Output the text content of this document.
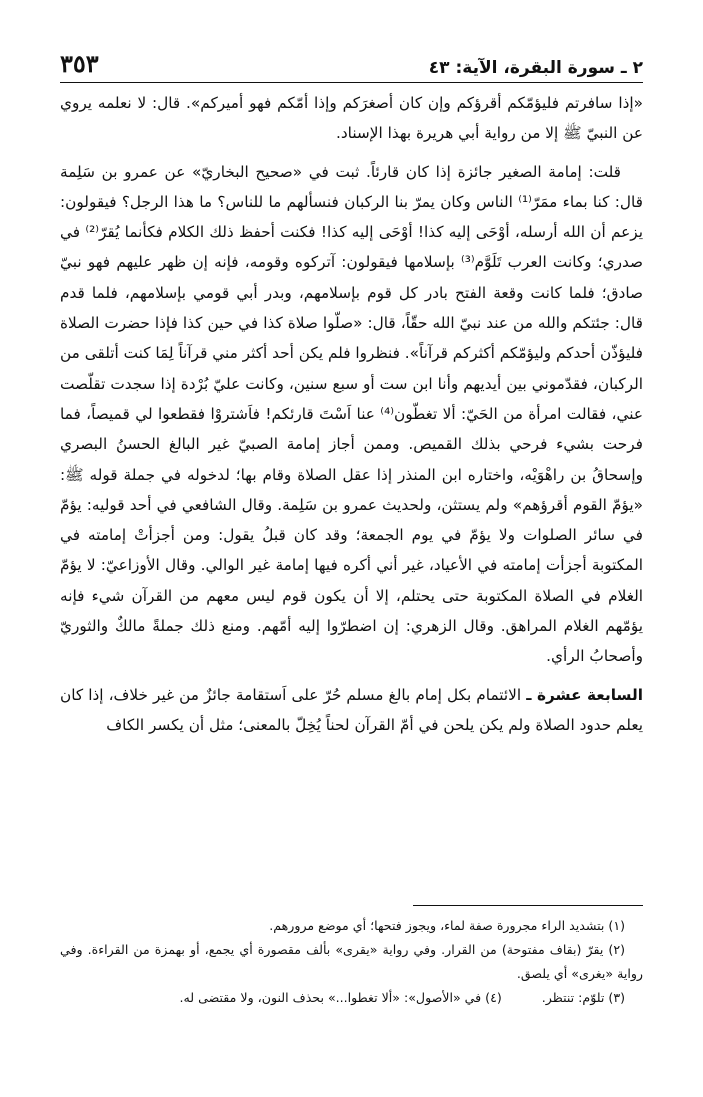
٢ ـ سورة البقرة، الآية: ٤٣
٣٥٣

«إذا سافرتم فليؤمّكم أقرؤكم وإن كان أصغرَكم وإذا أمّكم فهو أميركم». قال: لا نعلمه يروي عن النبيّ ﷺ إلا من رواية أبي هريرة بهذا الإسناد.

قلت: إمامة الصغير جائزة إذا كان قارئاً. ثبت في «صحيح البخاريّ» عن عمرو بن سَلِمة قال: كنا بماء ممَرّ⁽¹⁾ الناس وكان يمرّ بنا الركبان فنسألهم ما للناس؟ ما هذا الرجل؟ فيقولون: يزعم أن الله أرسله، أوْحَى إليه كذا! أوْحَى إليه كذا! فكنت أحفظ ذلك الكلام فكأنما يُقرّ⁽²⁾ في صدري؛ وكانت العرب تَلَوَّم⁽³⁾ بإسلامها فيقولون: آتركوه وقومه، فإنه إن ظهر عليهم فهو نبيّ صادق؛ فلما كانت وقعة الفتح بادر كل قوم بإسلامهم، وبدر أبي قومي بإسلامهم، فلما قدم قال: جئتكم والله من عند نبيّ الله حقّاً، قال: «صلّوا صلاة كذا في حين كذا فإذا حضرت الصلاة فليؤذّن أحدكم وليؤمّكم أكثركم قرآناً». فنظروا فلم يكن أحد أكثر مني قرآناً لِمَا كنت أتلقى من الركبان، فقدّموني بين أيديهم وأنا ابن ست أو سبع سنين، وكانت عليّ بُرْدة إذا سجدت تقلّصت عني، فقالت امرأة من الحَيّ: ألا تغطّون⁽⁴⁾ عنا اَسْتَ قارئكم! فاَشتروْا فقطعوا لي قميصاً، فما فرحت بشيء فرحي بذلك القميص. وممن أجاز إمامة الصبيّ غير البالغ الحسنُ البصري وإسحاقُ بن راهْوَيْه، واختاره ابن المنذر إذا عقل الصلاة وقام بها؛ لدخوله في جملة قوله ﷺ: «يؤمّ القوم أقرؤهم» ولم يستثن، ولحديث عمرو بن سَلِمة. وقال الشافعي في أحد قوليه: يؤمّ في سائر الصلوات ولا يؤمّ في يوم الجمعة؛ وقد كان قبلُ يقول: ومن أجزأتْ إمامته في المكتوبة أجزأت إمامته في الأعياد، غير أني أكره فيها إمامة غير الوالي. وقال الأوزاعيّ: لا يؤمّ الغلام في الصلاة المكتوبة حتى يحتلم، إلا أن يكون قوم ليس معهم من القرآن شيء فإنه يؤمّهم الغلام المراهق. وقال الزهري: إن اضطرّوا إليه أمّهم. ومنع ذلك جملةً مالكٌ والثوريّ وأصحابُ الرأي.

السابعة عشرة ـ الائتمام بكل إمام بالغ مسلم حُرّ على اَستقامة جائزٌ من غير خلاف، إذا كان يعلم حدود الصلاة ولم يكن يلحن في أمّ القرآن لحناً يُخِلّ بالمعنى؛ مثل أن يكسر الكاف

(١) بتشديد الراء مجرورة صفة لماء، ويجوز فتحها؛ أي موضع مرورهم.

(٢) يقرّ (بقاف مفتوحة) من القرار. وفي رواية «يقرى» بألف مقصورة أي يجمع، أو بهمزة من القراءة. وفي رواية «يغرى» أي يلصق.

(٣) تلوّم: تنتظر.
(٤) في «الأصول»: «ألا تغطوا...» بحذف النون، ولا مقتضى له.
